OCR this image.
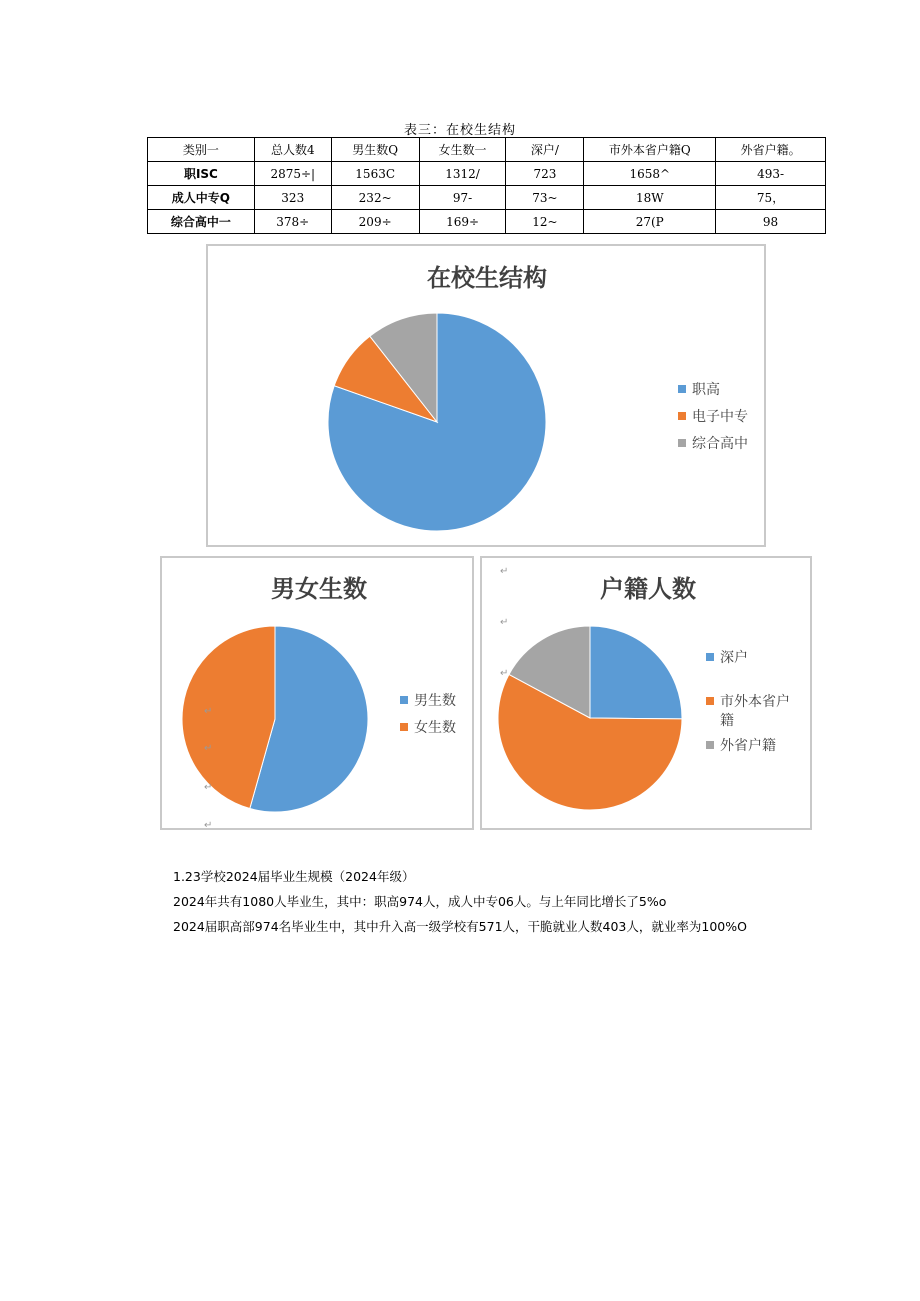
表三：在校生结构
类别一	总人数4	男生数Q	女生数一	深户/	市外本省户籍Q	外省户籍。
职ISC	2875÷|	1563C	1312/	723	1658^	493-
成人中专Q	323	232~	97-	73~	18W	75，
综合高中一	378÷	209÷	169÷	12~	27(P	98
在校生结构
职高
电子中专
综合高中
男女生数
男生数
女生数
户籍人数
深户
市外本省户籍
外省户籍
↵
↵
↵
↵
↵
↵
↵
1.23学校2024届毕业生规模（2024年级）
2024年共有1080人毕业生，其中：职高974人，成人中专06人。与上年同比增长了5%o
2024届职高部974名毕业生中，其中升入高一级学校有571人，干脆就业人数403人，就业率为100%O
